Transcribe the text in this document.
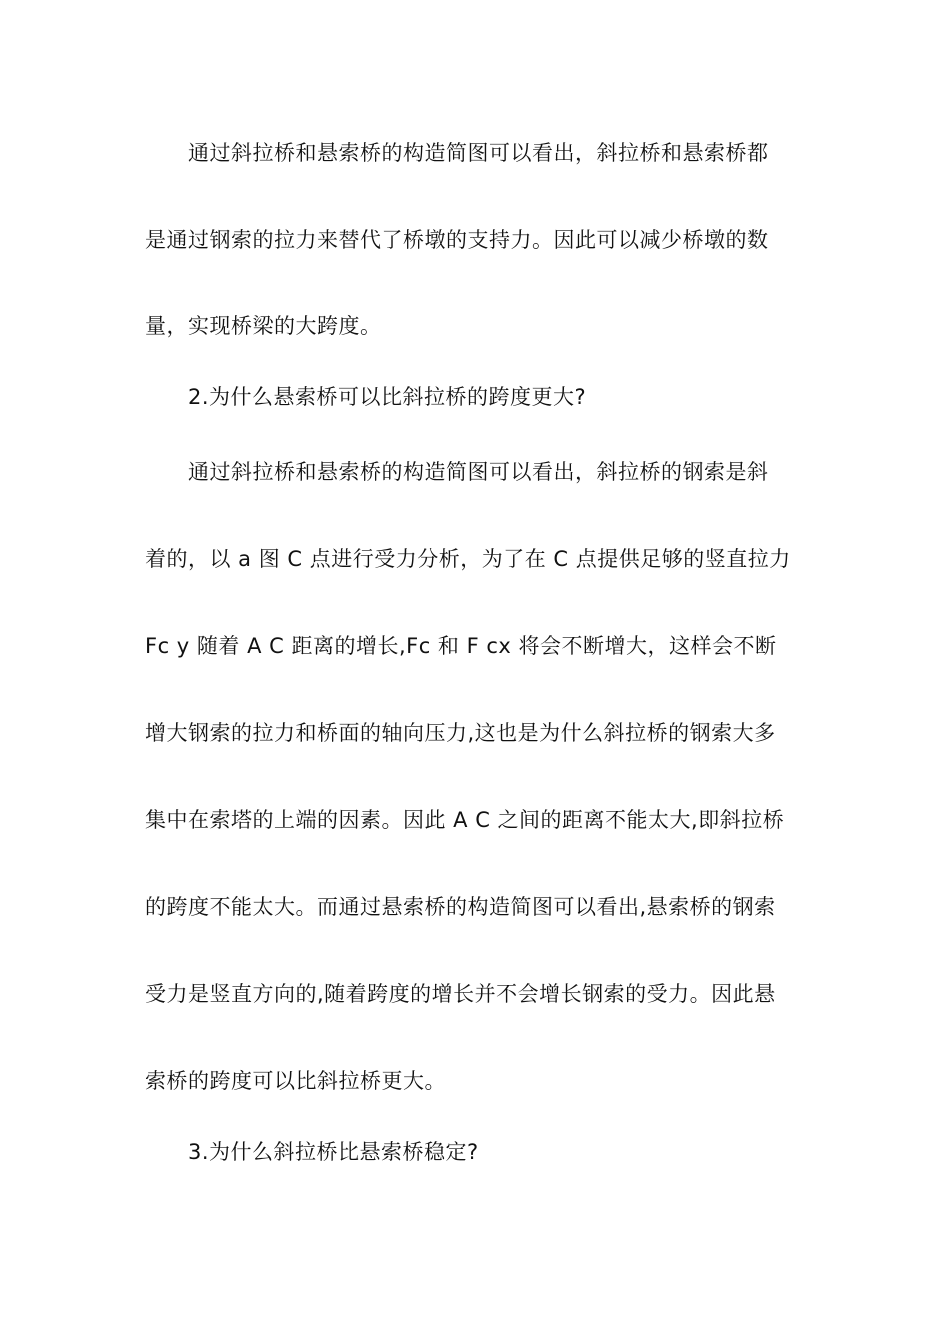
通过斜拉桥和悬索桥的构造简图可以看出，斜拉桥和悬索桥都
是通过钢索的拉力来替代了桥墩的支持力。因此可以减少桥墩的数
量，实现桥梁的大跨度。
2.为什么悬索桥可以比斜拉桥的跨度更大?
通过斜拉桥和悬索桥的构造简图可以看出，斜拉桥的钢索是斜
着的，以 a 图 C 点进行受力分析，为了在 C 点提供足够的竖直拉力
Fc y 随着 A C 距离的增长,Fc 和 F cx 将会不断增大，这样会不断
增大钢索的拉力和桥面的轴向压力,这也是为什么斜拉桥的钢索大多
集中在索塔的上端的因素。因此 A C 之间的距离不能太大,即斜拉桥
的跨度不能太大。而通过悬索桥的构造简图可以看出,悬索桥的钢索
受力是竖直方向的,随着跨度的增长并不会增长钢索的受力。因此悬
索桥的跨度可以比斜拉桥更大。
3.为什么斜拉桥比悬索桥稳定?
